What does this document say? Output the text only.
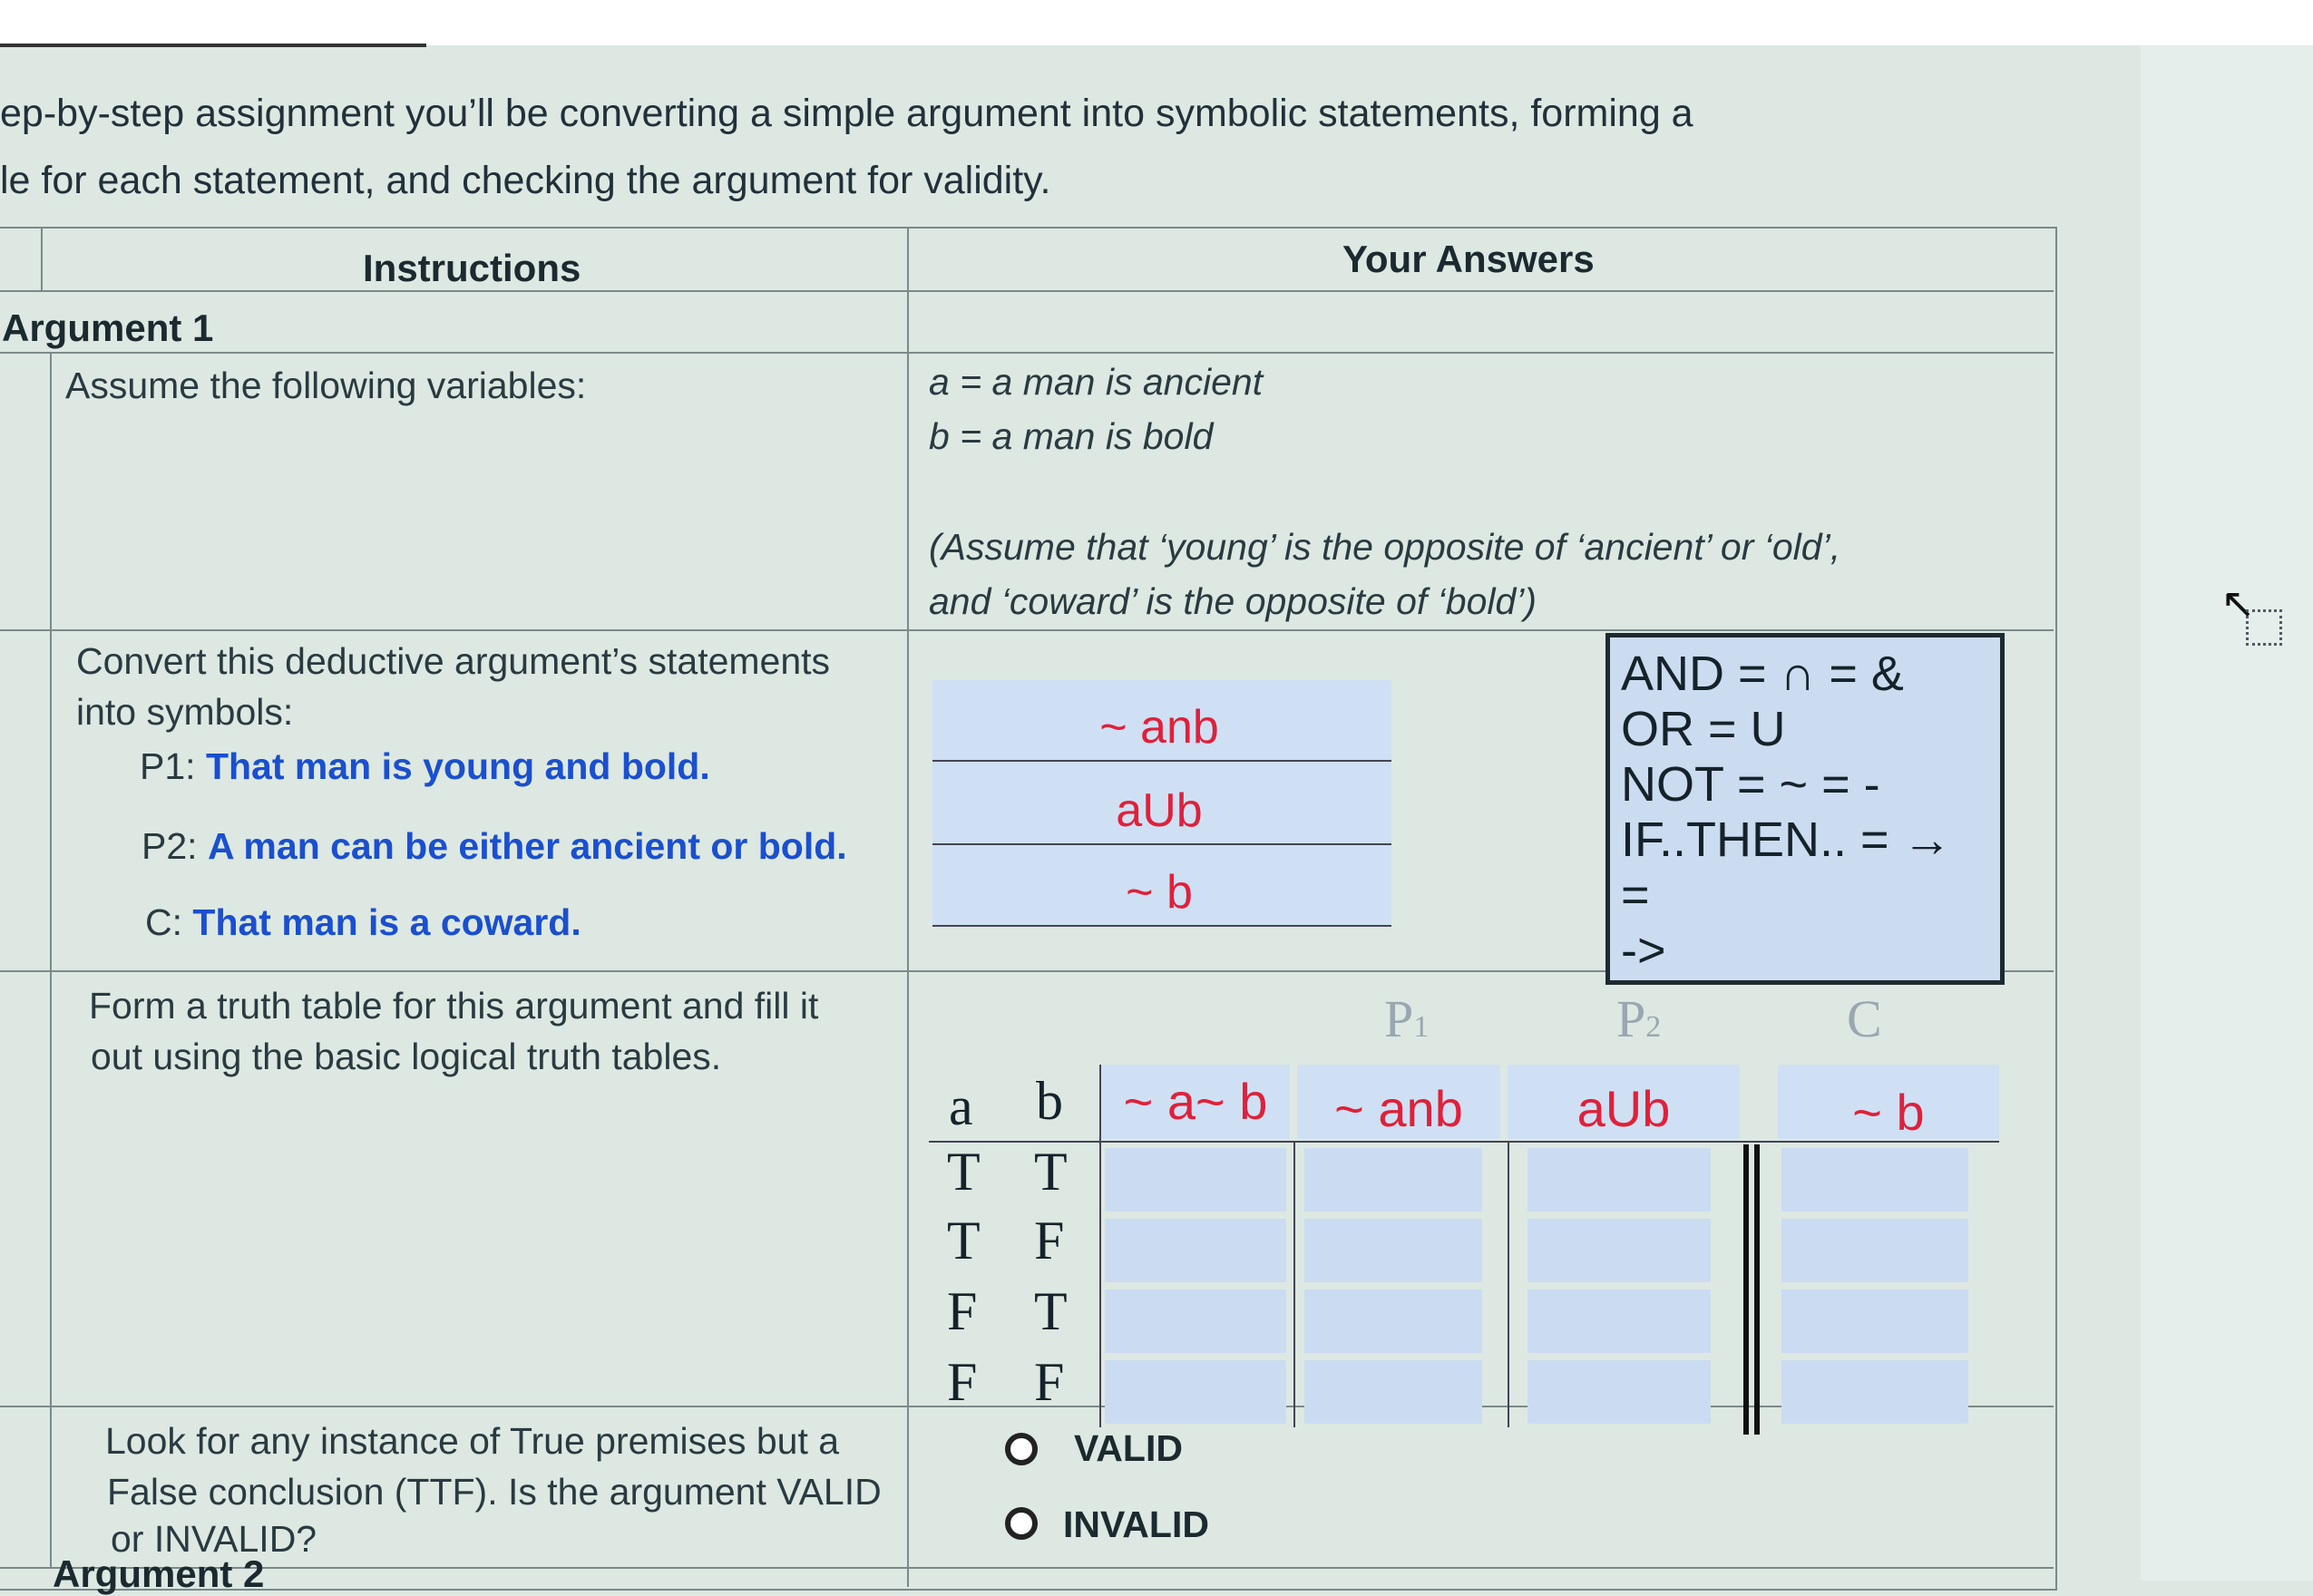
ep-by-step assignment you’ll be converting a simple argument into symbolic statements, forming a
le for each statement, and checking the argument for validity.
Instructions	Your Answers
Argument 1
Assume the following variables:	a = a man is ancient
b = a man is bold
(Assume that ‘young’ is the opposite of ‘ancient’ or ‘old’,
and ‘coward’ is the opposite of ‘bold’)
Convert this deductive argument’s statements
into symbols:
P1: That man is young and bold.
P2: A man can be either ancient or bold.
C: That man is a coward.
~ anb
aUb
~ b
AND = ∩ = &
OR = U
NOT = ~ = -
IF..THEN.. = → =
->
Form a truth table for this argument and fill it
out using the basic logical truth tables.
P1	P2	C
a b	~ a~ b	~ anb	aUb	~ b
T T
T F
F T
F F
Look for any instance of True premises but a
False conclusion (TTF). Is the argument VALID
or INVALID?
VALID
INVALID
Argument 2
↖
